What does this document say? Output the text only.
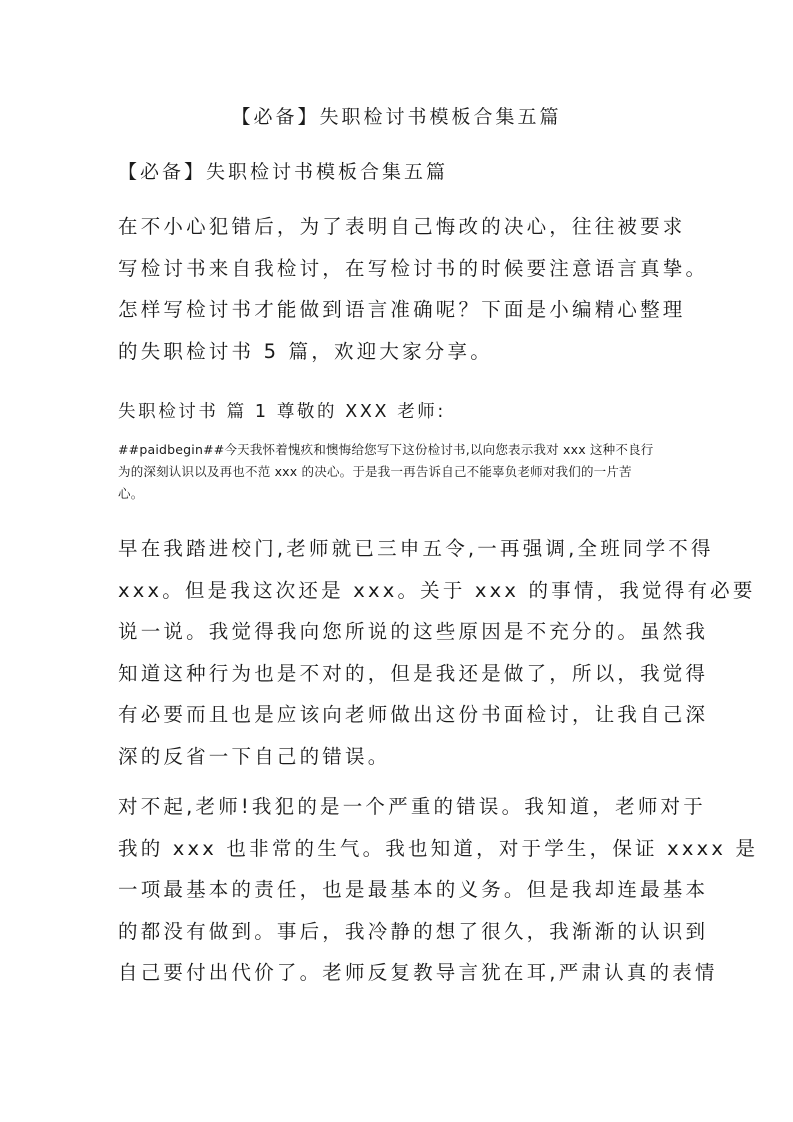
【必备】失职检讨书模板合集五篇
【必备】失职检讨书模板合集五篇
在不小心犯错后，为了表明自己悔改的决心，往往被要求
写检讨书来自我检讨，在写检讨书的时候要注意语言真挚。
怎样写检讨书才能做到语言准确呢？下面是小编精心整理
的失职检讨书 5 篇，欢迎大家分享。
失职检讨书 篇 1 尊敬的 XXX 老师:
##paidbegin##今天我怀着愧疚和懊悔给您写下这份检讨书,以向您表示我对 xxx 这种不良行
为的深刻认识以及再也不范 xxx 的决心。于是我一再告诉自己不能辜负老师对我们的一片苦
心。
早在我踏进校门,老师就已三申五令,一再强调,全班同学不得
xxx。但是我这次还是 xxx。关于 xxx 的事情，我觉得有必要
说一说。我觉得我向您所说的这些原因是不充分的。虽然我
知道这种行为也是不对的，但是我还是做了，所以，我觉得
有必要而且也是应该向老师做出这份书面检讨，让我自己深
深的反省一下自己的错误。
对不起,老师!我犯的是一个严重的错误。我知道，老师对于
我的 xxx 也非常的生气。我也知道，对于学生，保证 xxxx 是
一项最基本的责任，也是最基本的义务。但是我却连最基本
的都没有做到。事后，我冷静的想了很久，我渐渐的认识到
自己要付出代价了。老师反复教导言犹在耳,严肃认真的表情
